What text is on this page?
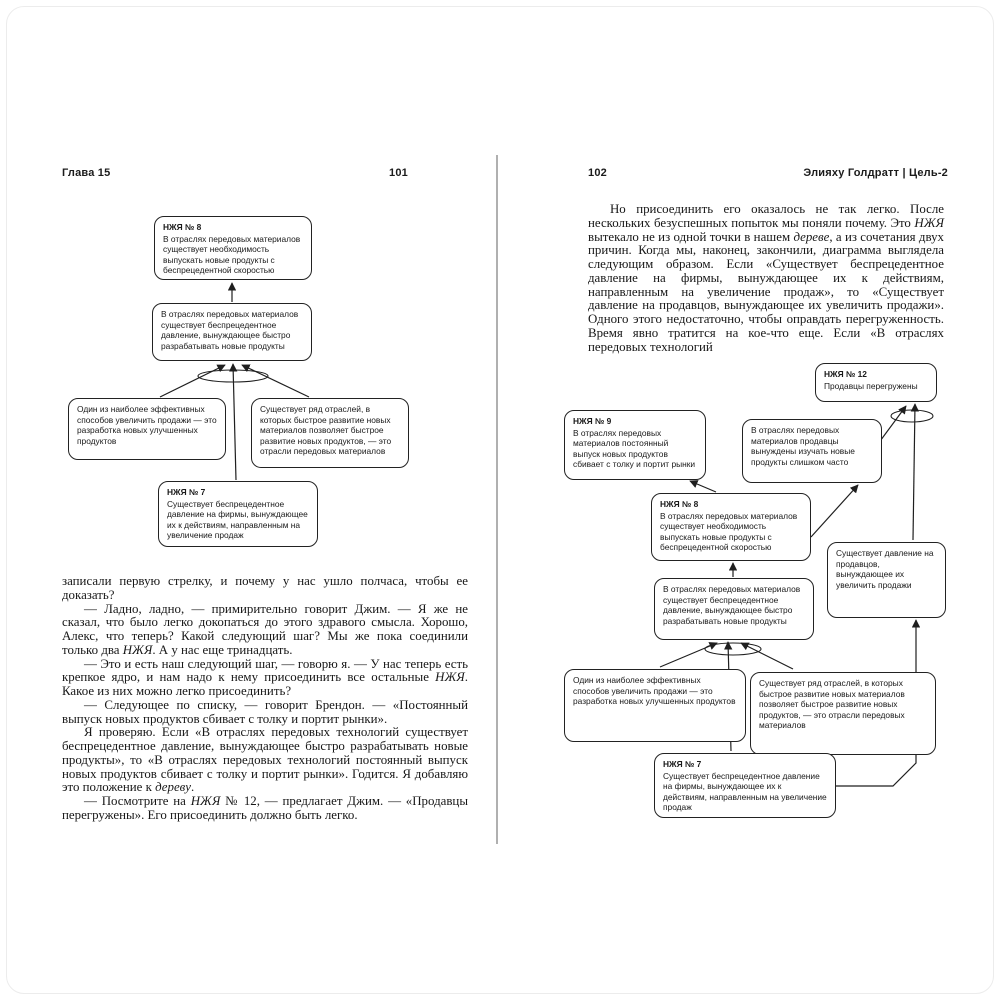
Глава 15	101	102	Элияху Голдратт | Цель-2
НЖЯ № 8
В отраслях передовых материалов существует необходимость выпускать новые продукты с беспрецедентной скоростью
В отраслях передовых материалов существует беспрецедентное давление, вынуждающее быстро разрабатывать новые продукты
Один из наиболее эффективных способов увеличить продажи — это разработка новых улучшенных продуктов
Существует ряд отраслей, в которых быстрое развитие новых материалов позволяет быстрое развитие новых продуктов, — это отрасли передовых материалов
НЖЯ № 7
Существует беспрецедентное давление на фирмы, вынуждающее их к действиям, направленным на увеличение продаж
НЖЯ № 12
Продавцы перегружены
НЖЯ № 9
В отраслях передовых материалов постоянный выпуск новых продуктов сбивает с толку и портит рынки
В отраслях передовых материалов продавцы вынуждены изучать новые продукты слишком часто
НЖЯ № 8
В отраслях передовых материалов существует необходимость выпускать новые продукты с беспрецедентной скоростью
Существует давление на продавцов, вынуждающее их увеличить продажи
В отраслях передовых материалов существует беспрецедентное давление, вынуждающее быстро разрабатывать новые продукты
Один из наиболее эффективных способов увеличить продажи — это разработка новых улучшенных продуктов
Существует ряд отраслей, в которых быстрое развитие новых материалов позволяет быстрое развитие новых продуктов, — это отрасли передовых материалов
НЖЯ № 7
Существует беспрецедентное давление на фирмы, вынуждающее их к действиям, направленным на увеличение продаж

записали первую стрелку, и почему у нас ушло полчаса, чтобы ее доказать?

— Ладно, ладно, — примирительно говорит Джим. — Я же не сказал, что было легко докопаться до этого здравого смысла. Хорошо, Алекс, что теперь? Какой следующий шаг? Мы же пока соединили только два НЖЯ. А у нас еще тринадцать.

— Это и есть наш следующий шаг, — говорю я. — У нас теперь есть крепкое ядро, и нам надо к нему присоединить все остальные НЖЯ. Какое из них можно легко присоединить?

— Следующее по списку, — говорит Брендон. — «Постоянный выпуск новых продуктов сбивает с толку и портит рынки».

Я проверяю. Если «В отраслях передовых технологий существует беспрецедентное давление, вынуждающее быстро разрабатывать новые продукты», то «В отраслях передовых технологий постоянный выпуск новых продуктов сбивает с толку и портит рынки». Годится. Я добавляю это положение к дереву.

— Посмотрите на НЖЯ № 12, — предлагает Джим. — «Продавцы перегружены». Его присоединить должно быть легко.

Но присоединить его оказалось не так легко. После нескольких безуспешных попыток мы поняли почему. Это НЖЯ вытекало не из одной точки в нашем дереве, а из сочетания двух причин. Когда мы, наконец, закончили, диаграмма выглядела следующим образом. Если «Существует беспрецедентное давление на фирмы, вынуждающее их к действиям, направленным на увеличение продаж», то «Существует давление на продавцов, вынуждающее их увеличить продажи». Одного этого недостаточно, чтобы оправдать перегруженность. Время явно тратится на кое-что еще. Если «В отраслях передовых технологий
